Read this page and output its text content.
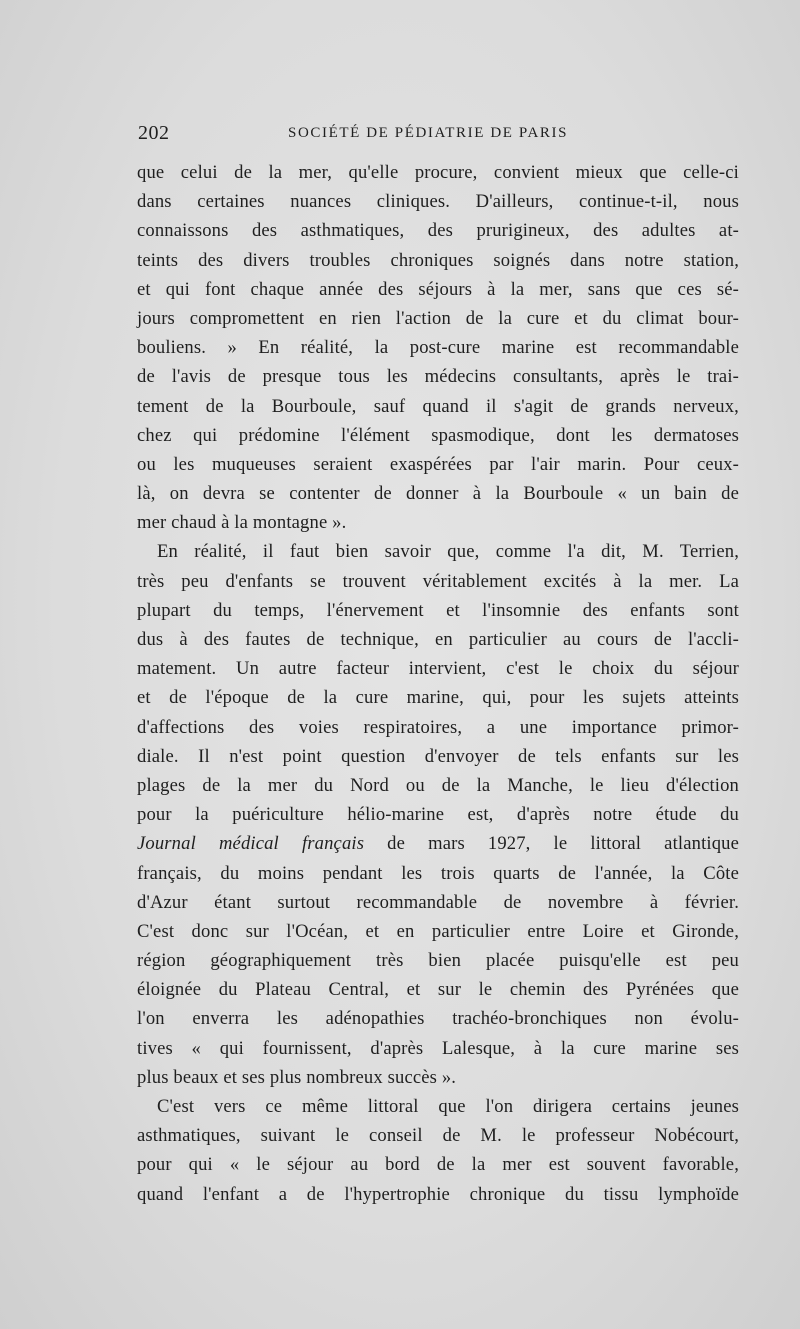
202	SOCIÉTÉ DE PÉDIATRIE DE PARIS
que celui de la mer, qu'elle procure, convient mieux que celle-ci
dans certaines nuances cliniques. D'ailleurs, continue-t-il, nous
connaissons des asthmatiques, des prurigineux, des adultes at-
teints des divers troubles chroniques soignés dans notre station,
et qui font chaque année des séjours à la mer, sans que ces sé-
jours compromettent en rien l'action de la cure et du climat bour-
bouliens. » En réalité, la post-cure marine est recommandable
de l'avis de presque tous les médecins consultants, après le trai-
tement de la Bourboule, sauf quand il s'agit de grands nerveux,
chez qui prédomine l'élément spasmodique, dont les dermatoses
ou les muqueuses seraient exaspérées par l'air marin. Pour ceux-
là, on devra se contenter de donner à la Bourboule « un bain de
mer chaud à la montagne ».
En réalité, il faut bien savoir que, comme l'a dit, M. Terrien,
très peu d'enfants se trouvent véritablement excités à la mer. La
plupart du temps, l'énervement et l'insomnie des enfants sont
dus à des fautes de technique, en particulier au cours de l'accli-
matement. Un autre facteur intervient, c'est le choix du séjour
et de l'époque de la cure marine, qui, pour les sujets atteints
d'affections des voies respiratoires, a une importance primor-
diale. Il n'est point question d'envoyer de tels enfants sur les
plages de la mer du Nord ou de la Manche, le lieu d'élection
pour la puériculture hélio-marine est, d'après notre étude du
Journal médical français de mars 1927, le littoral atlantique
français, du moins pendant les trois quarts de l'année, la Côte
d'Azur étant surtout recommandable de novembre à février.
C'est donc sur l'Océan, et en particulier entre Loire et Gironde,
région géographiquement très bien placée puisqu'elle est peu
éloignée du Plateau Central, et sur le chemin des Pyrénées que
l'on enverra les adénopathies trachéo-bronchiques non évolu-
tives « qui fournissent, d'après Lalesque, à la cure marine ses
plus beaux et ses plus nombreux succès ».
C'est vers ce même littoral que l'on dirigera certains jeunes
asthmatiques, suivant le conseil de M. le professeur Nobécourt,
pour qui « le séjour au bord de la mer est souvent favorable,
quand l'enfant a de l'hypertrophie chronique du tissu lymphoïde
